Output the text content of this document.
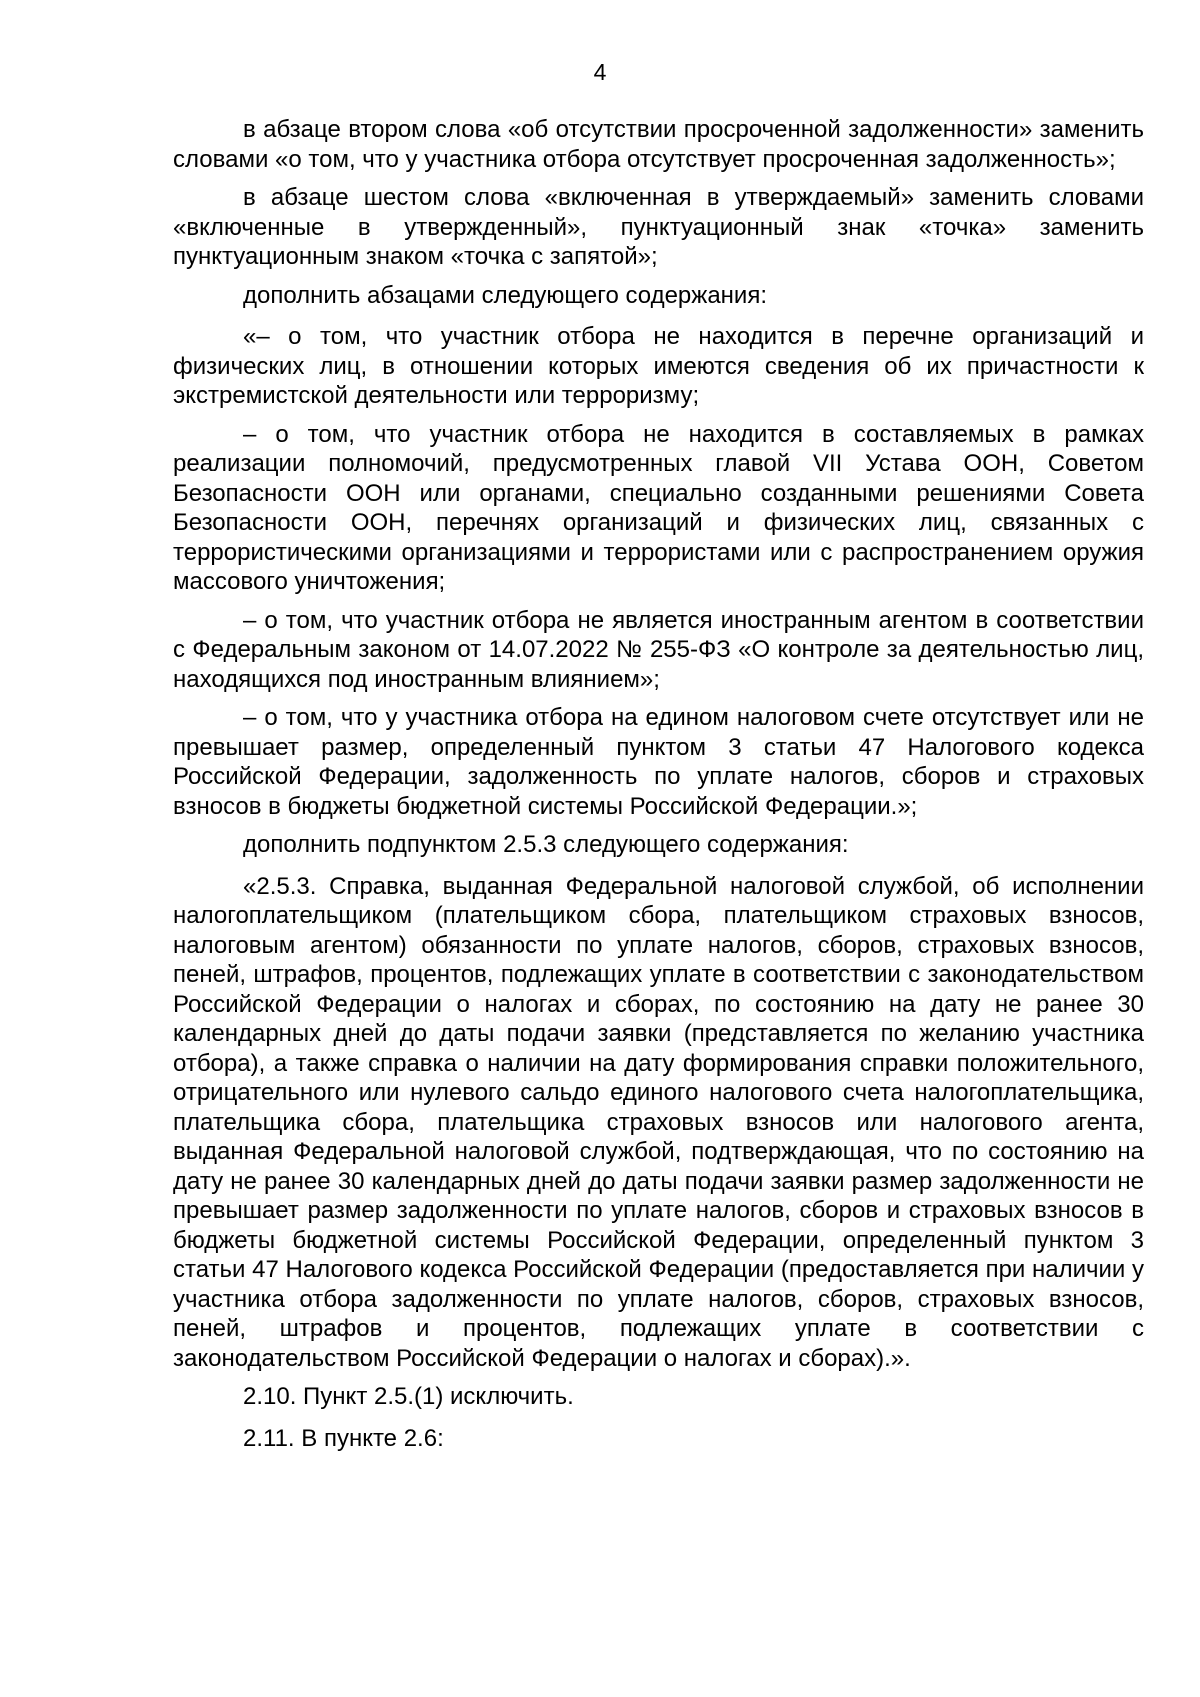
4

в абзаце втором слова «об отсутствии просроченной задолженности» заменить словами «о том, что у участника отбора отсутствует просроченная задолженность»;

в абзаце шестом слова «включенная в утверждаемый» заменить словами «включенные в утвержденный», пунктуационный знак «точка» заменить пунктуационным знаком «точка с запятой»;

дополнить абзацами следующего содержания:

«– о том, что участник отбора не находится в перечне организаций и физических лиц, в отношении которых имеются сведения об их причастности к экстремистской деятельности или терроризму;

– о том, что участник отбора не находится в составляемых в рамках реализации полномочий, предусмотренных главой VII Устава ООН, Советом Безопасности ООН или органами, специально созданными решениями Совета Безопасности ООН, перечнях организаций и физических лиц, связанных с террористическими организациями и террористами или с распространением оружия массового уничтожения;

– о том, что участник отбора не является иностранным агентом в соответствии с Федеральным законом от 14.07.2022 № 255-ФЗ «О контроле за деятельностью лиц, находящихся под иностранным влиянием»;

– о том, что у участника отбора на едином налоговом счете отсутствует или не превышает размер, определенный пунктом 3 статьи 47 Налогового кодекса Российской Федерации, задолженность по уплате налогов, сборов и страховых взносов в бюджеты бюджетной системы Российской Федерации.»;

дополнить подпунктом 2.5.3 следующего содержания:

«2.5.3. Справка, выданная Федеральной налоговой службой, об исполнении налогоплательщиком (плательщиком сбора, плательщиком страховых взносов, налоговым агентом) обязанности по уплате налогов, сборов, страховых взносов, пеней, штрафов, процентов, подлежащих уплате в соответствии с законодательством Российской Федерации о налогах и сборах, по состоянию на дату не ранее 30 календарных дней до даты подачи заявки (представляется по желанию участника отбора), а также справка о наличии на дату формирования справки положительного, отрицательного или нулевого сальдо единого налогового счета налогоплательщика, плательщика сбора, плательщика страховых взносов или налогового агента, выданная Федеральной налоговой службой, подтверждающая, что по состоянию на дату не ранее 30 календарных дней до даты подачи заявки размер задолженности не превышает размер задолженности по уплате налогов, сборов и страховых взносов в бюджеты бюджетной системы Российской Федерации, определенный пунктом 3 статьи 47 Налогового кодекса Российской Федерации (предоставляется при наличии у участника отбора задолженности по уплате налогов, сборов, страховых взносов, пеней, штрафов и процентов, подлежащих уплате в соответствии с законодательством Российской Федерации о налогах и сборах).».

2.10. Пункт 2.5.(1) исключить.

2.11. В пункте 2.6:
